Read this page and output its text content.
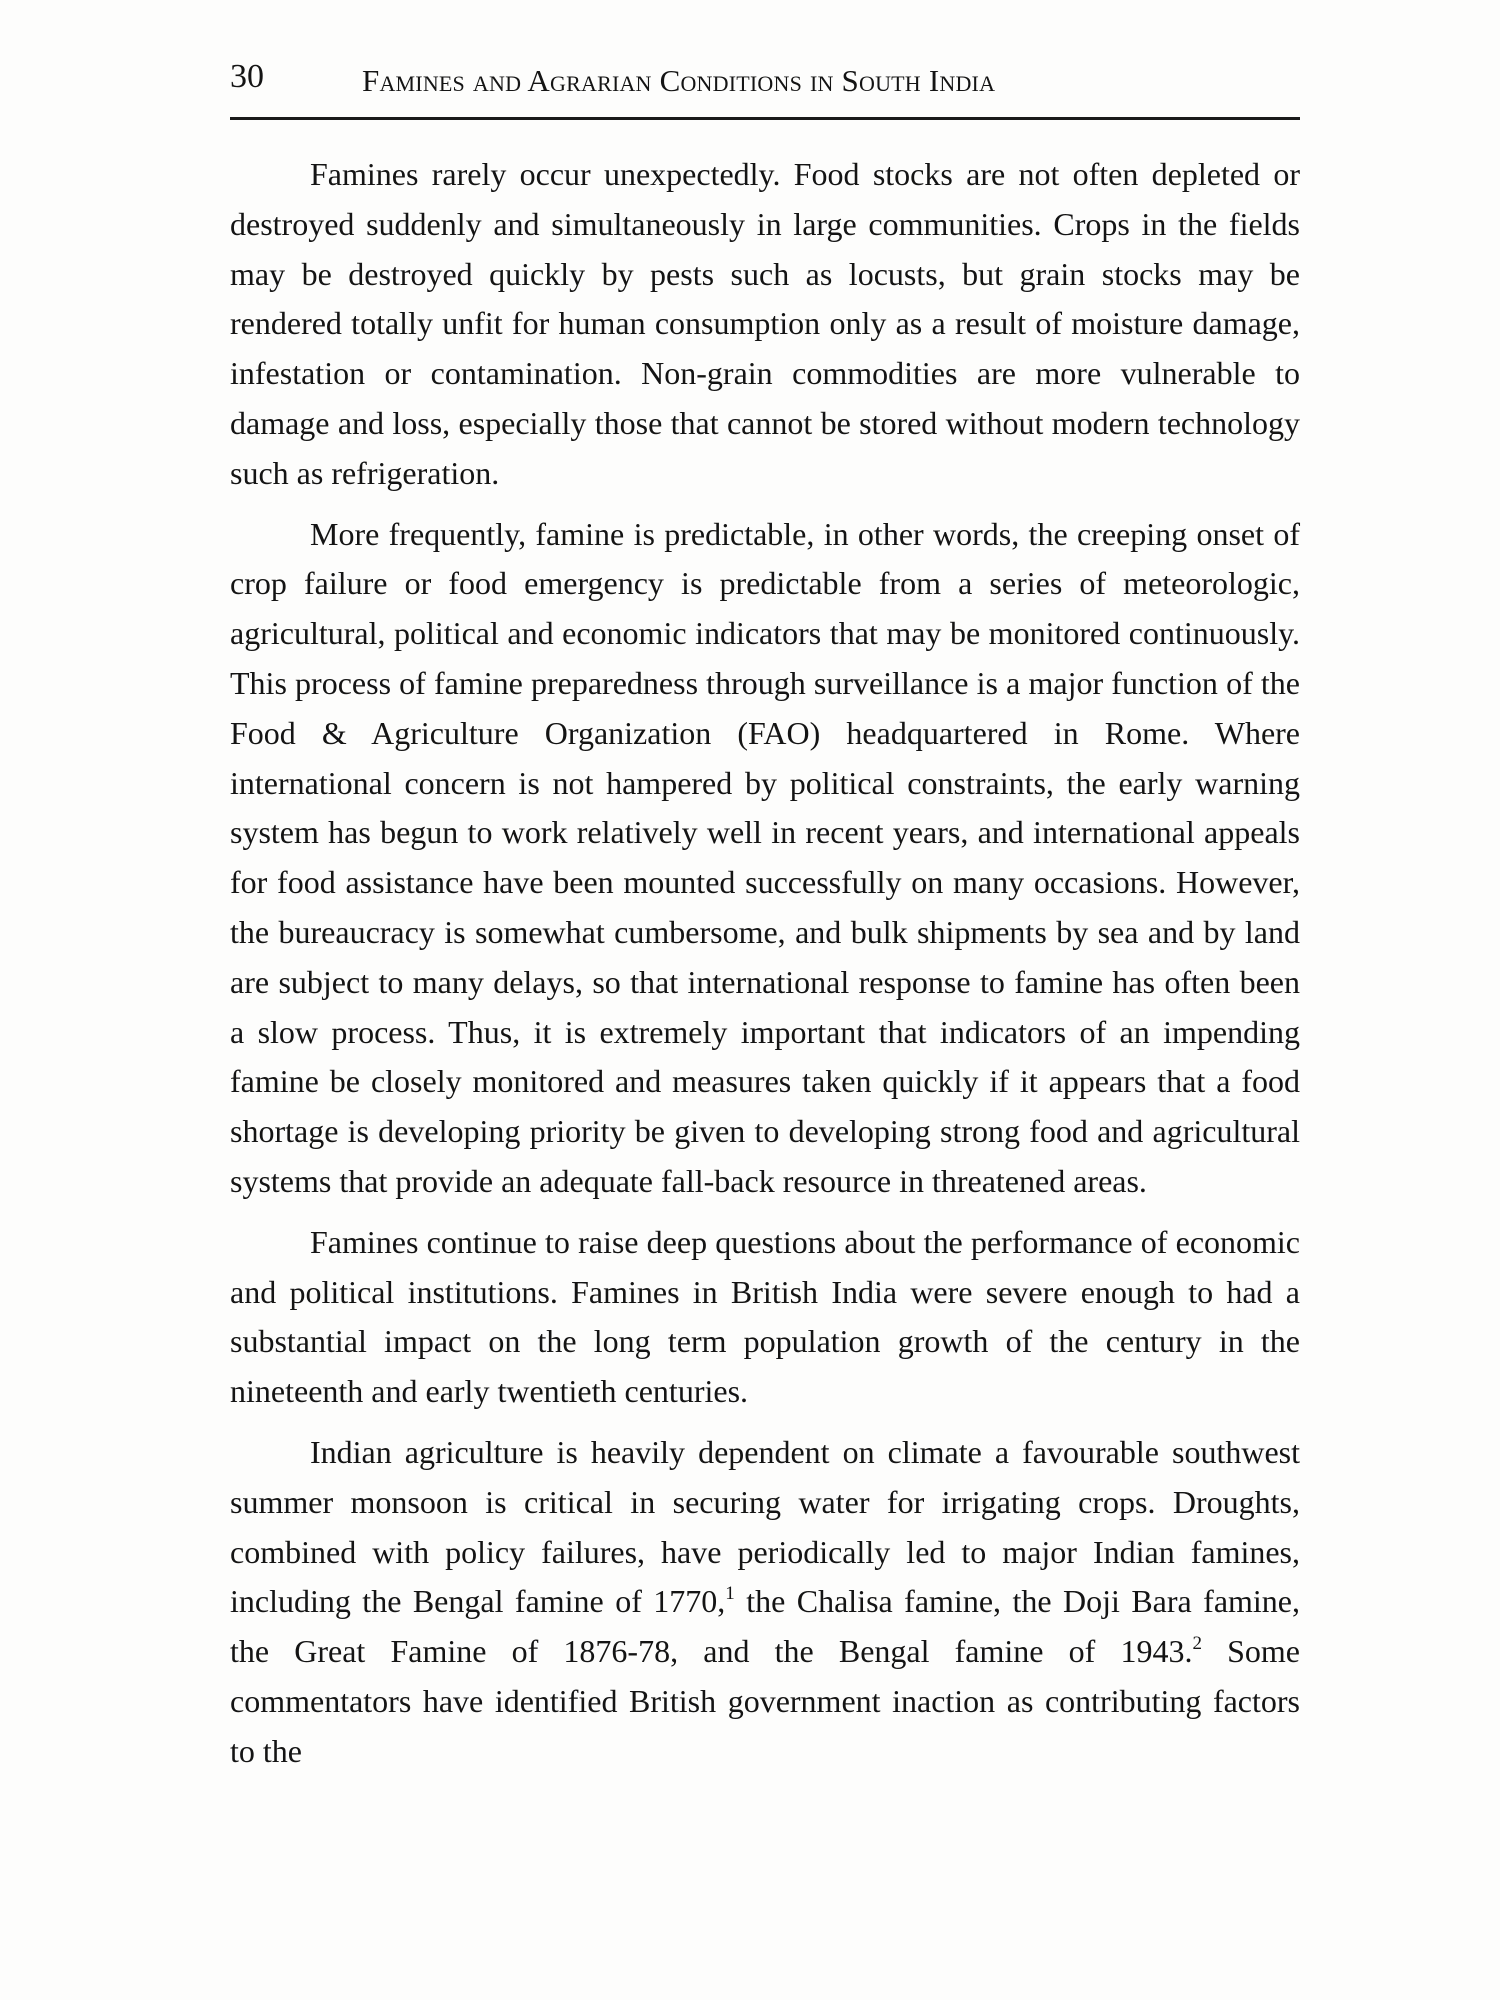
30	Famines and Agrarian Conditions in South India

Famines rarely occur unexpectedly. Food stocks are not often depleted or destroyed suddenly and simultaneously in large communities. Crops in the fields may be destroyed quickly by pests such as locusts, but grain stocks may be rendered totally unfit for human consumption only as a result of moisture damage, infestation or contamination. Non-grain commodities are more vulnerable to damage and loss, especially those that cannot be stored without modern technology such as refrigeration.

More frequently, famine is predictable, in other words, the creeping onset of crop failure or food emergency is predictable from a series of meteorologic, agricultural, political and economic indicators that may be monitored continuously. This process of famine preparedness through surveillance is a major function of the Food & Agriculture Organization (FAO) headquartered in Rome. Where international concern is not hampered by political constraints, the early warning system has begun to work relatively well in recent years, and international appeals for food assistance have been mounted successfully on many occasions. However, the bureaucracy is somewhat cumbersome, and bulk shipments by sea and by land are subject to many delays, so that international response to famine has often been a slow process. Thus, it is extremely important that indicators of an impending famine be closely monitored and measures taken quickly if it appears that a food shortage is developing priority be given to developing strong food and agricultural systems that provide an adequate fall-back resource in threatened areas.

Famines continue to raise deep questions about the performance of economic and political institutions. Famines in British India were severe enough to had a substantial impact on the long term population growth of the century in the nineteenth and early twentieth centuries.

Indian agriculture is heavily dependent on climate a favourable southwest summer monsoon is critical in securing water for irrigating crops. Droughts, combined with policy failures, have periodically led to major Indian famines, including the Bengal famine of 1770,$^1$ the Chalisa famine, the Doji Bara famine, the Great Famine of 1876-78, and the Bengal famine of 1943.$^2$ Some commentators have identified British government inaction as contributing factors to the
